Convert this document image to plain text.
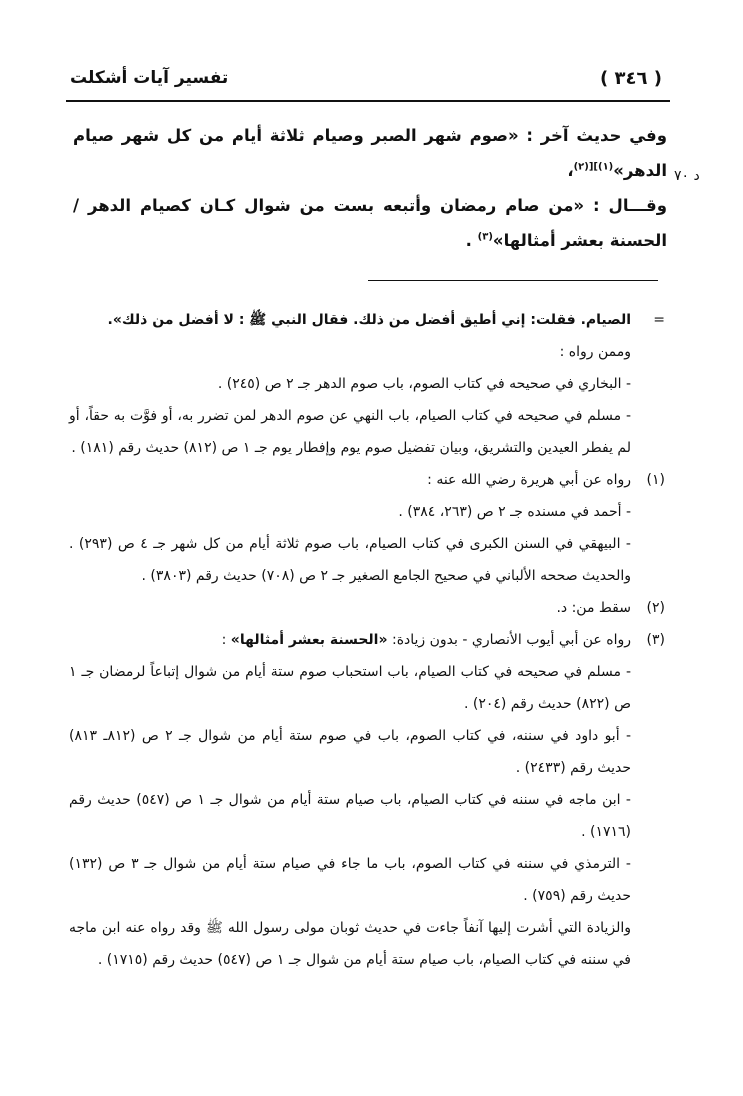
( ٣٤٦ )
تفسير آيات أشكلت
د ٧٠

وفي حديث آخر : «صوم شهر الصبر وصيام ثلاثة أيام من كل شهر صيام الدهر»$^{(١)][(٢)}$،

وقـــال : «من صام رمضان وأتبعه بست من شوال كـان كصيام الدهر / الحسنة بعشر أمثالها»$^{(٣)}$ .

=

الصيام. فقلت: إني أطيق أفضل من ذلك. فقال النبي ﷺ : لا أفضل من ذلك».

وممن رواه :

- البخاري في صحيحه في كتاب الصوم، باب صوم الدهر جـ ٢ ص (٢٤٥) .

- مسلم في صحيحه في كتاب الصيام، باب النهي عن صوم الدهر لمن تضرر به، أو فوَّت به حقاً، أو لم يفطر العيدين والتشريق، وبيان تفضيل صوم يوم وإفطار يوم جـ ١ ص (٨١٢) حديث رقم (١٨١) .

(١)

رواه عن أبي هريرة رضي الله عنه :

- أحمد في مسنده جـ ٢ ص (٢٦٣، ٣٨٤) .

- البيهقي في السنن الكبرى في كتاب الصيام، باب صوم ثلاثة أيام من كل شهر جـ ٤ ص (٢٩٣) . والحديث صححه الألباني في صحيح الجامع الصغير جـ ٢ ص (٧٠٨) حديث رقم (٣٨٠٣) .

(٢)

سقط من: د.

(٣)

رواه عن أبي أيوب الأنصاري - بدون زيادة: «الحسنة بعشر أمثالها» :

- مسلم في صحيحه في كتاب الصيام، باب استحباب صوم ستة أيام من شوال إتباعاً لرمضان جـ ١ ص (٨٢٢) حديث رقم (٢٠٤) .

- أبو داود في سننه، في كتاب الصوم، باب في صوم ستة أيام من شوال جـ ٢ ص (٨١٢ـ ٨١٣) حديث رقم (٢٤٣٣) .

- ابن ماجه في سننه في كتاب الصيام، باب صيام ستة أيام من شوال جـ ١ ص (٥٤٧) حديث رقم (١٧١٦) .

- الترمذي في سننه في كتاب الصوم، باب ما جاء في صيام ستة أيام من شوال جـ ٣ ص (١٣٢) حديث رقم (٧٥٩) .

والزيادة التي أشرت إليها آنفاً جاءت في حديث ثوبان مولى رسول الله ﷺ وقد رواه عنه ابن ماجه في سننه في كتاب الصيام، باب صيام ستة أيام من شوال جـ ١ ص (٥٤٧) حديث رقم (١٧١٥) .
